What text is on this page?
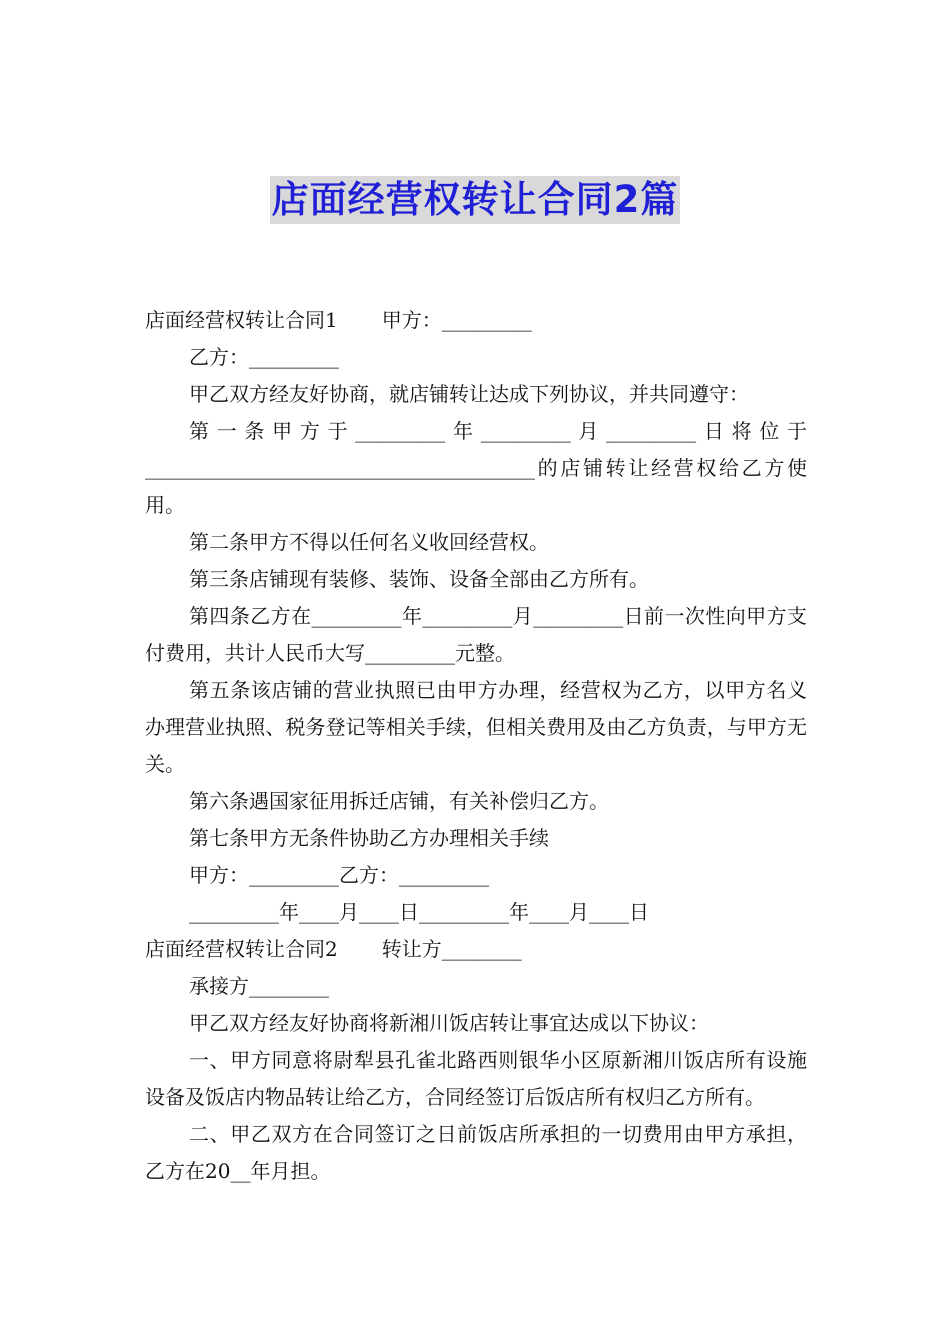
店面经营权转让合同2篇

店面经营权转让合同1 甲方：_________

乙方：_________

甲乙双方经友好协商，就店铺转让达成下列协议，并共同遵守：

第一条甲方于_________年_________月_________日将位于_______________________________________的店铺转让经营权给乙方使用。

第二条甲方不得以任何名义收回经营权。

第三条店铺现有装修、装饰、设备全部由乙方所有。

第四条乙方在_________年_________月_________日前一次性向甲方支付费用，共计人民币大写_________元整。

第五条该店铺的营业执照已由甲方办理，经营权为乙方，以甲方名义办理营业执照、税务登记等相关手续，但相关费用及由乙方负责，与甲方无关。

第六条遇国家征用拆迁店铺，有关补偿归乙方。

第七条甲方无条件协助乙方办理相关手续

甲方：_________乙方：_________

_________年____月____日_________年____月____日

店面经营权转让合同2 转让方________

承接方________

甲乙双方经友好协商将新湘川饭店转让事宜达成以下协议：

一、甲方同意将尉犁县孔雀北路西则银华小区原新湘川饭店所有设施设备及饭店内物品转让给乙方，合同经签订后饭店所有权归乙方所有。

二、甲乙双方在合同签订之日前饭店所承担的一切费用由甲方承担，乙方在20__年月担。
